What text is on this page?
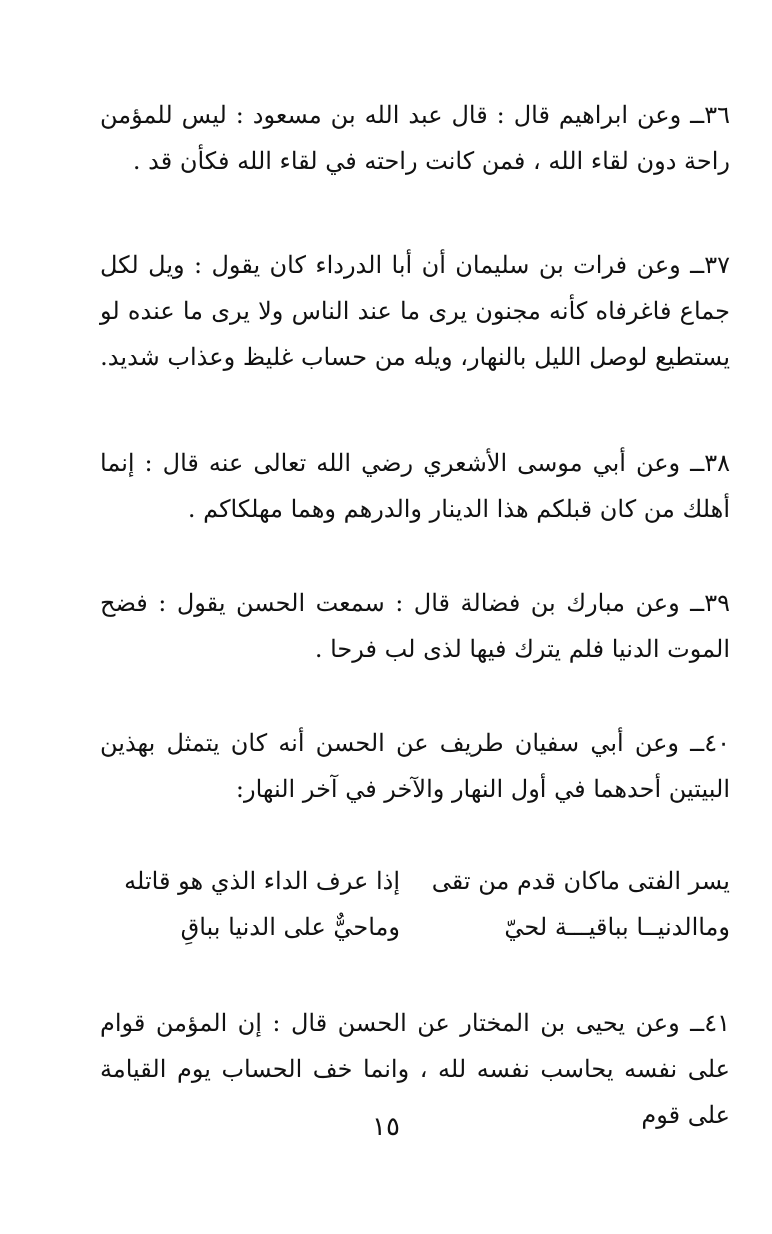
٣٦ــ وعن ابراهيم قال : قال عبد الله بن مسعود : ليس للمؤمن راحة دون لقاء الله ، فمن كانت راحته في لقاء الله فكأن قد .

٣٧ــ وعن فرات بن سليمان أن أبا الدرداء كان يقول : ويل لكل جماع فاغرفاه كأنه مجنون يرى ما عند الناس ولا يرى ما عنده لو يستطيع لوصل الليل بالنهار، ويله من حساب غليظ وعذاب شديد.

٣٨ــ وعن أبي موسى الأشعري رضي الله تعالى عنه قال : إنما أهلك من كان قبلكم هذا الدينار والدرهم وهما مهلكاكم .

٣٩ــ وعن مبارك بن فضالة قال : سمعت الحسن يقول : فضح الموت الدنيا فلم يترك فيها لذى لب فرحا .

٤٠ــ وعن أبي سفيان طريف عن الحسن أنه كان يتمثل بهذين البيتين أحدهما في أول النهار والآخر في آخر النهار:

يسر الفتى ماكان قدم من تقى
إذا عرف الداء الذي هو قاتله
وماالدنيــا بباقيـــة لحيّ
وماحيٌّ على الدنيا بباقِ

٤١ــ وعن يحيى بن المختار عن الحسن قال : إن المؤمن قوام على نفسه يحاسب نفسه لله ، وانما خف الحساب يوم القيامة على قوم

١٥
